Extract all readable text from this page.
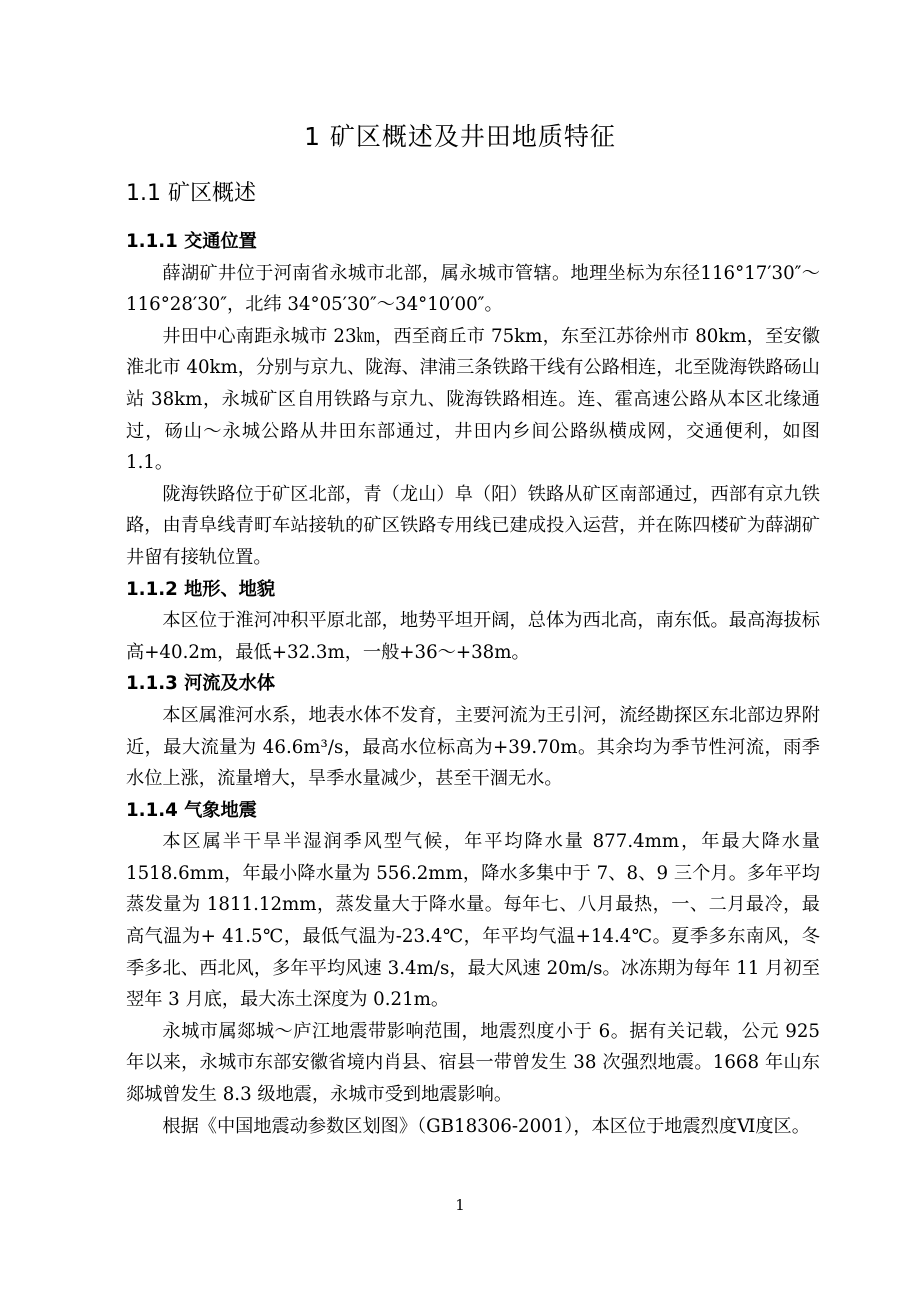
1 矿区概述及井田地质特征
1.1 矿区概述
1.1.1 交通位置

薛湖矿井位于河南省永城市北部，属永城市管辖。地理坐标为东径116°17′30″～116°28′30″，北纬 34°05′30″～34°10′00″。

井田中心南距永城市 23㎞，西至商丘市 75km，东至江苏徐州市 80km，至安徽淮北市 40km，分别与京九、陇海、津浦三条铁路干线有公路相连，北至陇海铁路砀山站 38km，永城矿区自用铁路与京九、陇海铁路相连。连、霍高速公路从本区北缘通过，砀山～永城公路从井田东部通过，井田内乡间公路纵横成网，交通便利，如图 1.1。

陇海铁路位于矿区北部，青（龙山）阜（阳）铁路从矿区南部通过，西部有京九铁路，由青阜线青町车站接轨的矿区铁路专用线已建成投入运营，并在陈四楼矿为薛湖矿井留有接轨位置。

1.1.2 地形、地貌

本区位于淮河冲积平原北部，地势平坦开阔，总体为西北高，南东低。最高海拔标高+40.2m，最低+32.3m，一般+36～+38m。

1.1.3 河流及水体

本区属淮河水系，地表水体不发育，主要河流为王引河，流经勘探区东北部边界附近，最大流量为 46.6m³/s，最高水位标高为+39.70m。其余均为季节性河流，雨季水位上涨，流量增大，旱季水量减少，甚至干涸无水。

1.1.4 气象地震

本区属半干旱半湿润季风型气候，年平均降水量 877.4mm，年最大降水量 1518.6mm，年最小降水量为 556.2mm，降水多集中于 7、8、9 三个月。多年平均蒸发量为 1811.12mm，蒸发量大于降水量。每年七、八月最热，一、二月最冷，最高气温为+ 41.5℃，最低气温为-23.4℃，年平均气温+14.4℃。夏季多东南风，冬季多北、西北风，多年平均风速 3.4m/s，最大风速 20m/s。冰冻期为每年 11 月初至翌年 3 月底，最大冻土深度为 0.21m。

永城市属郯城～庐江地震带影响范围，地震烈度小于 6。据有关记载，公元 925 年以来，永城市东部安徽省境内肖县、宿县一带曾发生 38 次强烈地震。1668 年山东郯城曾发生 8.3 级地震，永城市受到地震影响。

根据《中国地震动参数区划图》（GB18306-2001），本区位于地震烈度Ⅵ度区。

1
